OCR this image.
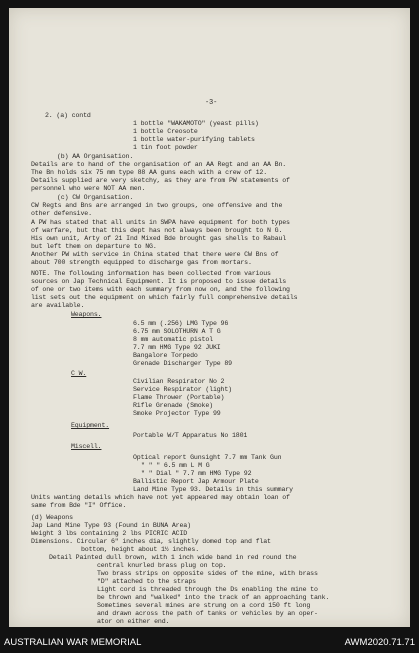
-3-
2. (a) contd
1 bottle "WAKAMOTO" (yeast pills)
1 bottle Creosote
1 bottle water-purifying tablets
1 tin foot powder
(b) AA Organisation.
Details are to hand of the organisation of an AA Regt and an AA Bn.
The Bn holds six 75 mm type 88 AA guns each with a crew of 12.
Details supplied are very sketchy, as they are from PW statements of
personnel who were NOT AA men.
(c) CW Organisation.
CW Regts and Bns are arranged in two groups, one offensive and the
other defensive.
A PW has stated that all units in SWPA have equipment for both types
of warfare, but that this dept has not always been brought to N G.
His own unit, Arty of 21 Ind Mixed Bde brought gas shells to Rabaul
but left them on departure to NG.
Another PW with service in China stated that there were CW Bns of
about 700 strength equipped to discharge gas from mortars.
NOTE. The following information has been collected from various
sources on Jap Technical Equipment. It is proposed to issue details
of one or two items with each summary from now on, and the following
list sets out the equipment on which fairly full comprehensive details
are available.
Weapons.
6.5 mm (.256) LMG Type 96
6.75 mm SOLOTHURN A T G
8 mm automatic pistol
7.7 mm HMG Type 92 JUKI
Bangalore Torpedo
Grenade Discharger Type 89
C W.
Civilian Respirator No 2
Service Respirator (light)
Flame Thrower (Portable)
Rifle Grenade (Smoke)
Smoke Projector Type 99
Equipment.
Portable W/T Apparatus No 1801
Miscell.
Optical report Gunsight 7.7 mm Tank Gun
" " " 6.5 mm L M G
" " Dial " 7.7 mm HMG Type 92
Ballistic Report Jap Armour Plate
Land Mine Type 93. Details in this summary
Units wanting details which have not yet appeared may obtain loan of
same from Bde "I" Office.
(d) Weapons
Jap Land Mine Type 93 (Found in BUNA Area)
Weight 3 lbs containing 2 lbs PICRIC ACID
Dimensions. Circular 6" inches dia, slightly domed top and flat
bottom, height about 1½ inches.
Detail Painted dull brown, with 1 inch wide band in red round the
central knurled brass plug on top.
Two brass strips on opposite sides of the mine, with brass
"D" attached to the straps
Light cord is threaded through the Ds enabling the mine to
be thrown and "walked" into the track of an approaching tank.
Sometimes several mines are strung on a cord 150 ft long
and drawn across the path of tanks or vehicles by an oper-
ator on either end.
AUSTRALIAN WAR MEMORIAL	AWM2020.71.71
